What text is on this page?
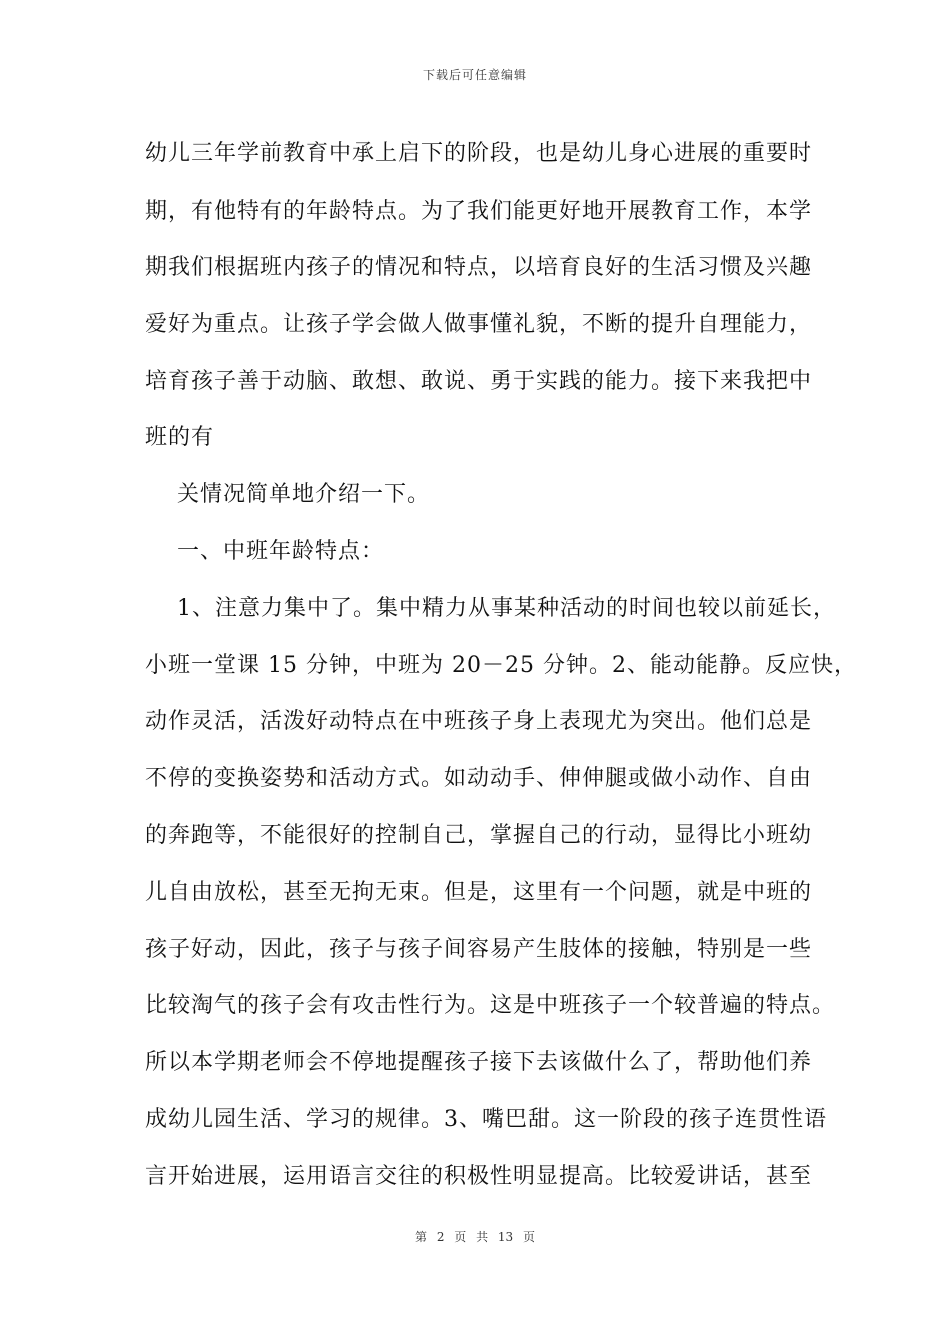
下载后可任意编辑
幼儿三年学前教育中承上启下的阶段，也是幼儿身心进展的重要时
期，有他特有的年龄特点。为了我们能更好地开展教育工作，本学
期我们根据班内孩子的情况和特点，以培育良好的生活习惯及兴趣
爱好为重点。让孩子学会做人做事懂礼貌，不断的提升自理能力，
培育孩子善于动脑、敢想、敢说、勇于实践的能力。接下来我把中
班的有
关情况简单地介绍一下。
一、中班年龄特点：
1、注意力集中了。集中精力从事某种活动的时间也较以前延长，
小班一堂课 15 分钟，中班为 20－25 分钟。2、能动能静。反应快，
动作灵活，活泼好动特点在中班孩子身上表现尤为突出。他们总是
不停的变换姿势和活动方式。如动动手、伸伸腿或做小动作、自由
的奔跑等，不能很好的控制自己，掌握自己的行动，显得比小班幼
儿自由放松，甚至无拘无束。但是，这里有一个问题，就是中班的
孩子好动，因此，孩子与孩子间容易产生肢体的接触，特别是一些
比较淘气的孩子会有攻击性行为。这是中班孩子一个较普遍的特点。
所以本学期老师会不停地提醒孩子接下去该做什么了，帮助他们养
成幼儿园生活、学习的规律。3、嘴巴甜。这一阶段的孩子连贯性语
言开始进展，运用语言交往的积极性明显提高。比较爱讲话，甚至
第 2 页 共 13 页
